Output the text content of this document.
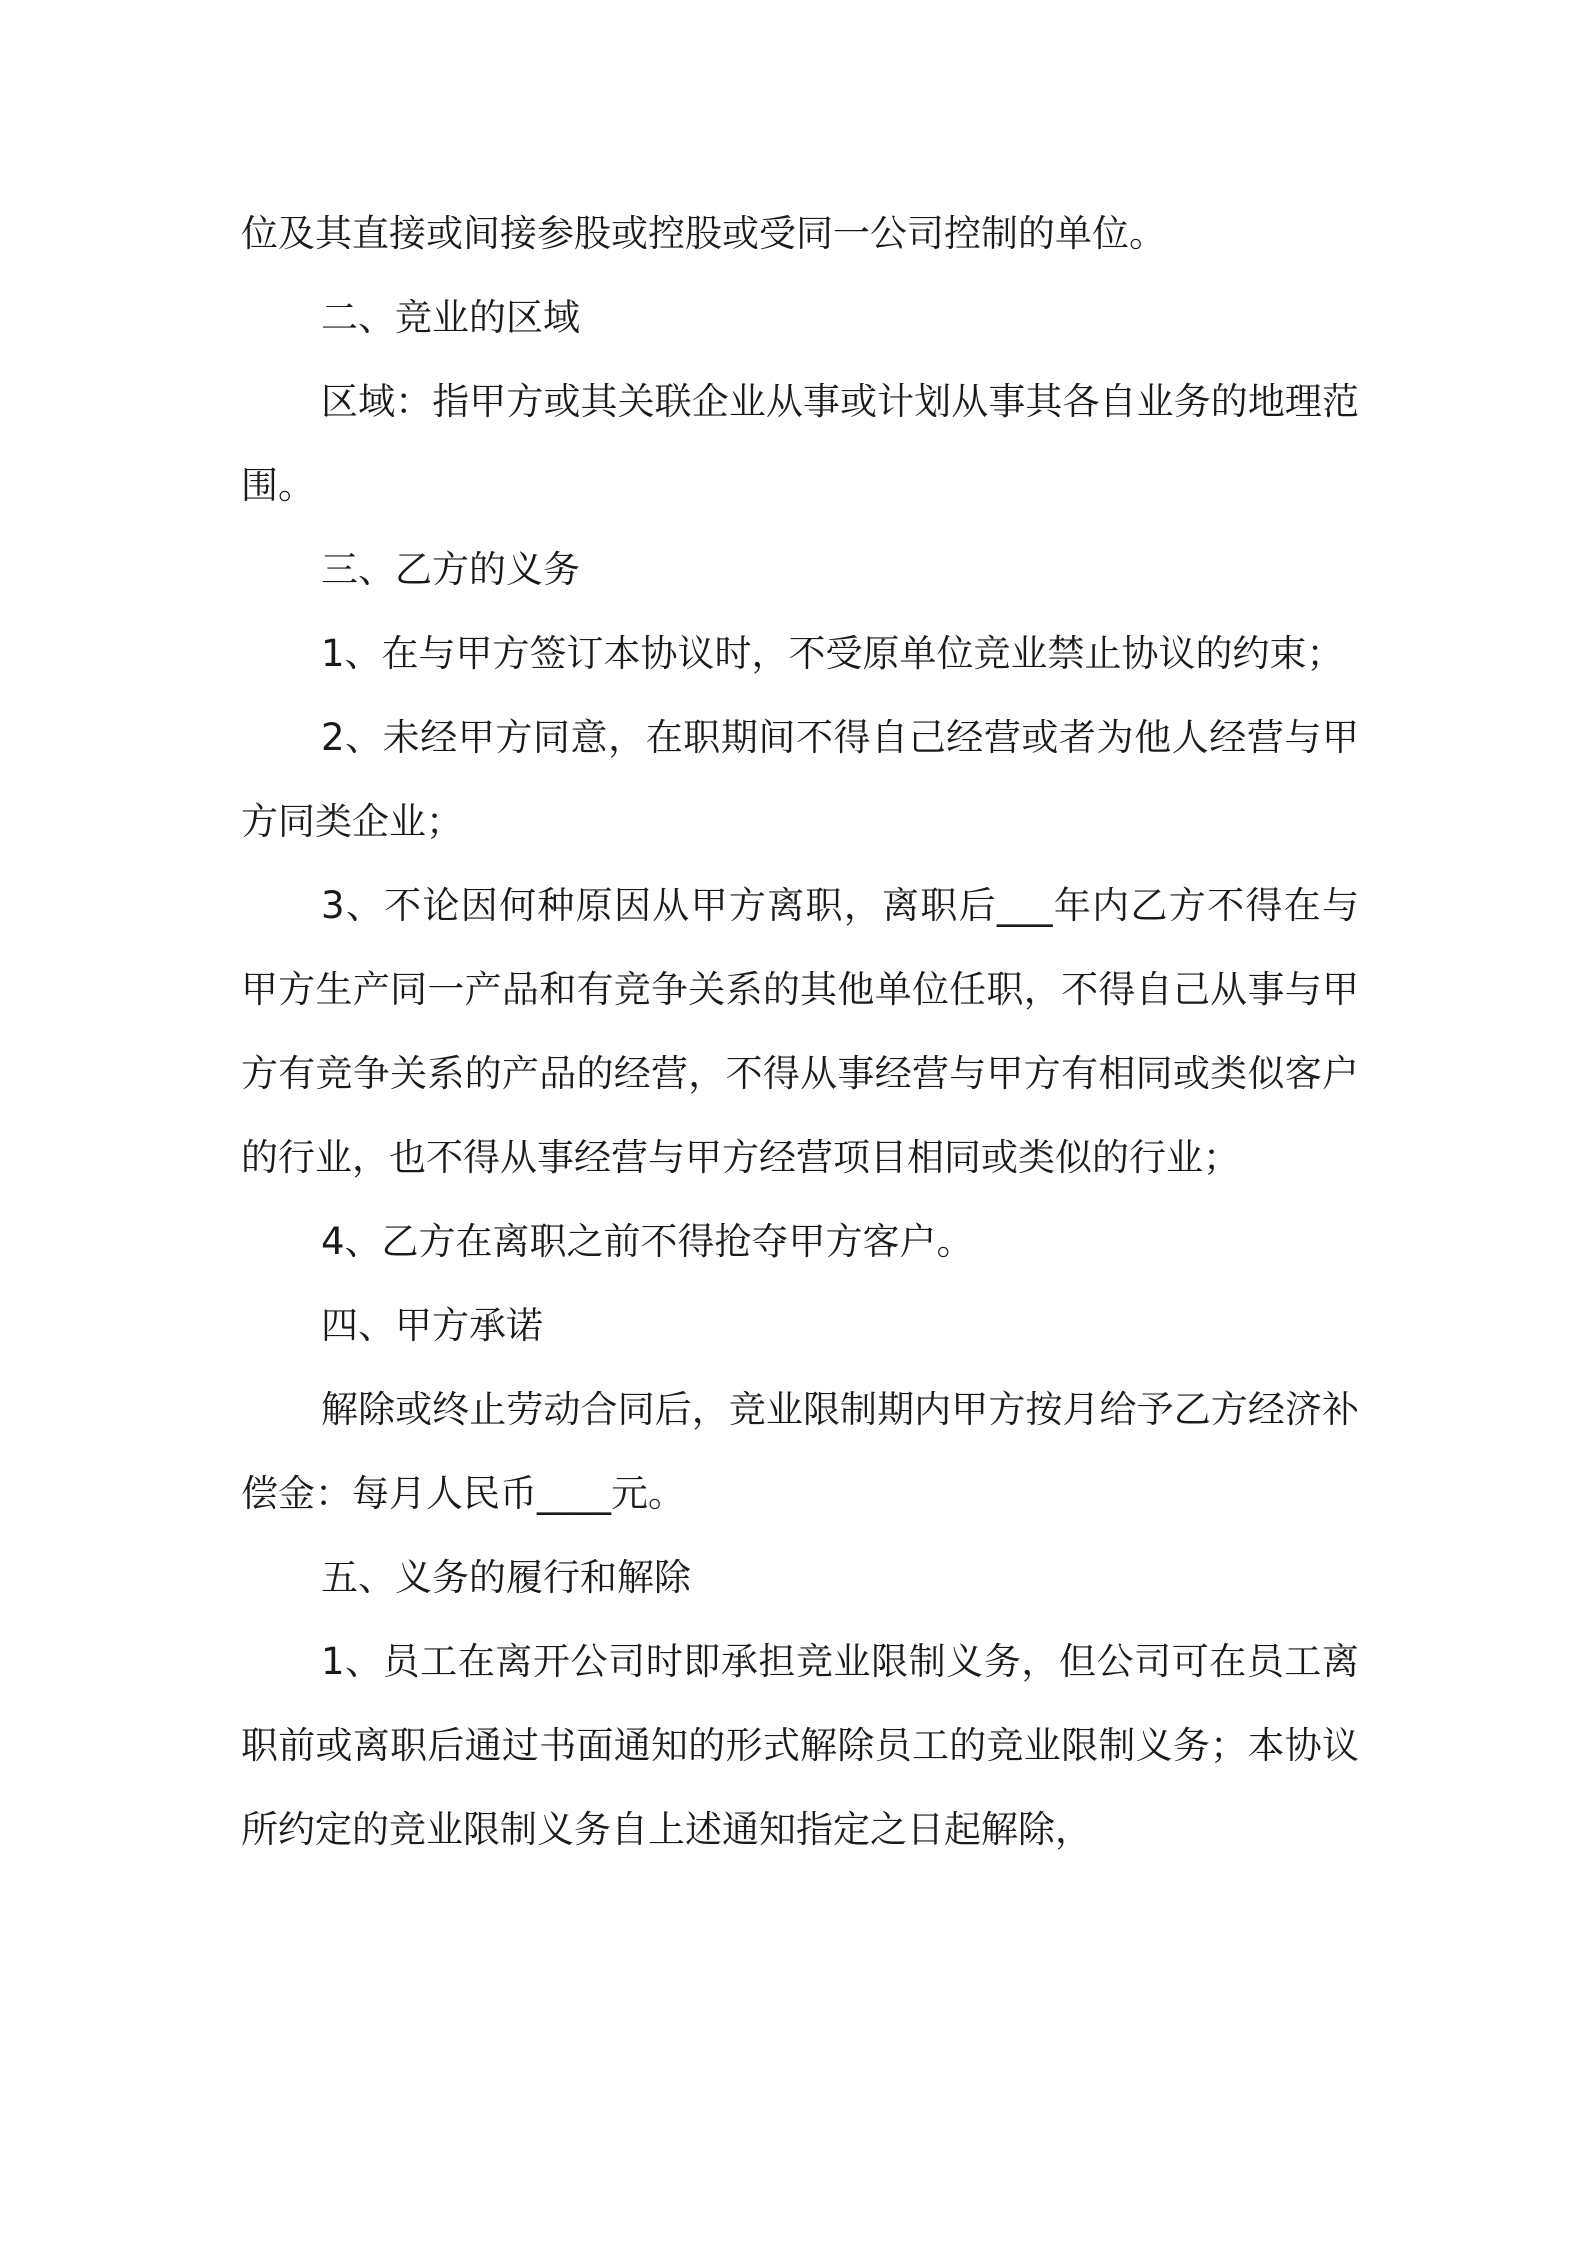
位及其直接或间接参股或控股或受同一公司控制的单位。

二、竞业的区域

区域：指甲方或其关联企业从事或计划从事其各自业务的地理范围。

三、乙方的义务

1、在与甲方签订本协议时，不受原单位竞业禁止协议的约束；

2、未经甲方同意，在职期间不得自己经营或者为他人经营与甲方同类企业；

3、不论因何种原因从甲方离职，离职后___年内乙方不得在与甲方生产同一产品和有竞争关系的其他单位任职，不得自己从事与甲方有竞争关系的产品的经营，不得从事经营与甲方有相同或类似客户的行业，也不得从事经营与甲方经营项目相同或类似的行业；

4、乙方在离职之前不得抢夺甲方客户。

四、甲方承诺

解除或终止劳动合同后，竞业限制期内甲方按月给予乙方经济补偿金：每月人民币____元。

五、义务的履行和解除

1、员工在离开公司时即承担竞业限制义务，但公司可在员工离职前或离职后通过书面通知的形式解除员工的竞业限制义务；本协议所约定的竞业限制义务自上述通知指定之日起解除，
